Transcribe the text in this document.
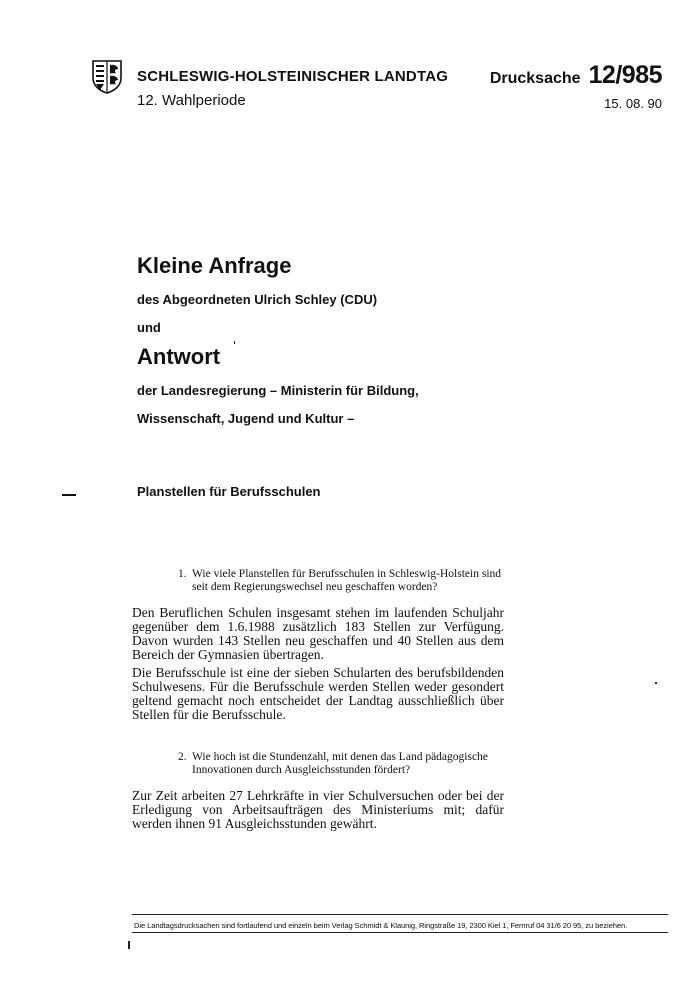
SCHLESWIG-HOLSTEINISCHER LANDTAG
12. Wahlperiode
Drucksache 12/985
15. 08. 90
Kleine Anfrage
des Abgeordneten Ulrich Schley (CDU)
und
Antwort
der Landesregierung – Ministerin für Bildung,
Wissenschaft, Jugend und Kultur –
Planstellen für Berufsschulen
1. Wie viele Planstellen für Berufsschulen in Schleswig-Holstein sind seit dem Regierungswechsel neu geschaffen worden?

Den Beruflichen Schulen insgesamt stehen im laufenden Schuljahr gegenüber dem 1.6.1988 zusätzlich 183 Stellen zur Verfügung. Davon wurden 143 Stellen neu geschaffen und 40 Stellen aus dem Bereich der Gymnasien übertragen.

Die Berufsschule ist eine der sieben Schularten des berufsbildenden Schulwesens. Für die Berufsschule werden Stellen weder gesondert geltend gemacht noch entscheidet der Landtag ausschließlich über Stellen für die Berufsschule.

2. Wie hoch ist die Stundenzahl, mit denen das Land pädagogische Innovationen durch Ausgleichsstunden fördert?

Zur Zeit arbeiten 27 Lehrkräfte in vier Schulversuchen oder bei der Erledigung von Arbeitsaufträgen des Ministeriums mit; dafür werden ihnen 91 Ausgleichsstunden gewährt.

Die Landtagsdrucksachen sind fortlaufend und einzeln beim Verlag Schmidt & Klaunig, Ringstraße 19, 2300 Kiel 1, Fernruf 04 31/6 20 95, zu beziehen.
